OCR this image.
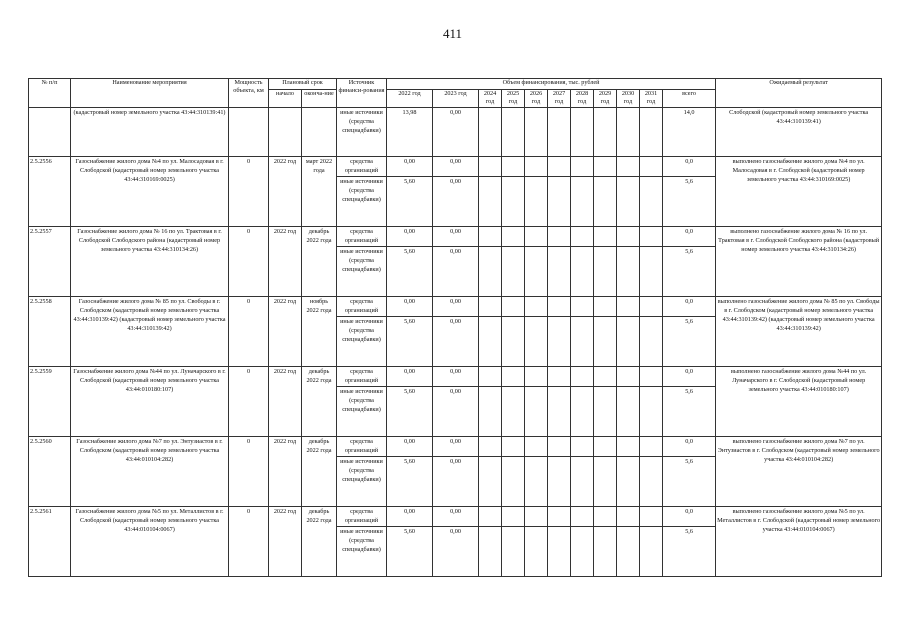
411
№ п/п	Наименование мероприятия	Мощность объекта, км	Плановый срок		Источник финанси-рования	Объем финансирования, тыс. рублей											Ожидаемый результат
			начало	оконча-ние		2022 год	2023 год	2024 год	2025 год	2026 год	2027 год	2028 год	2029 год	2030 год	2031 год	всего	
	(кадастровый номер земельного участка 43:44:310139:41)				иные источники (средства спецнадбавки)	13,98	0,00									14,0	Слободской (кадастровый номер земельного участка 43:44:310139:41)
2.5.2556	Газоснабжение жилого дома №4 по ул. Малосадовая в г. Слободской (кадастровый номер земельного участка 43:44:310169:0025)	0	2022 год	март 2022 года	средства организаций	0,00	0,00									0,0	выполнено газоснабжение жилого дома №4 по ул. Малосадовая в г. Слободской (кадастровый номер земельного участка 43:44:310169:0025)
					иные источники (средства спецнадбавки)	5,60	0,00									5,6	
2.5.2557	Газоснабжение жилого дома № 16 по ул. Трактовая в г. Слободской Слободского района (кадастровый номер земельного участка 43:44:310134:26)	0	2022 год	декабрь 2022 года	средства организаций	0,00	0,00									0,0	выполнено газоснабжение жилого дома № 16 по ул. Трактовая в г. Слободской Слободского района (кадастровый номер земельного участка 43:44:310134:26)
					иные источники (средства спецнадбавки)	5,60	0,00									5,6	
2.5.2558	Газоснабжение жилого дома № 85 по ул. Свободы в г. Слободском (кадастровый номер земельного участка 43:44:310139:42) (кадастровый номер земельного участка 43:44:310139:42)	0	2022 год	ноябрь 2022 года	средства организаций	0,00	0,00									0,0	выполнено газоснабжение жилого дома № 85 по ул. Свободы в г. Слободском (кадастровый номер земельного участка 43:44:310139:42) (кадастровый номер земельного участка 43:44:310139:42)
					иные источники (средства спецнадбавки)	5,60	0,00									5,6	
2.5.2559	Газоснабжение жилого дома №44 по ул. Луначарского в г. Слободской (кадастровый номер земельного участка 43:44:010180:107)	0	2022 год	декабрь 2022 года	средства организаций	0,00	0,00									0,0	выполнено газоснабжение жилого дома №44 по ул. Луначарского в г. Слободской (кадастровый номер земельного участка 43:44:010180:107)
					иные источники (средства спецнадбавки)	5,60	0,00									5,6	
2.5.2560	Газоснабжение жилого дома №7 по ул. Энтузиастов в г. Слободском (кадастровый номер земельного участка 43:44:010104:282)	0	2022 год	декабрь 2022 года	средства организаций	0,00	0,00									0,0	выполнено газоснабжение жилого дома №7 по ул. Энтузиастов в г. Слободском (кадастровый номер земельного участка 43:44:010104:282)
					иные источники (средства спецнадбавки)	5,60	0,00									5,6	
2.5.2561	Газоснабжение жилого дома №5 по ул. Металлистов в г. Слободской (кадастровый номер земельного участка 43:44:010104:0067)	0	2022 год	декабрь 2022 года	средства организаций	0,00	0,00									0,0	выполнено газоснабжение жилого дома №5 по ул. Металлистов в г. Слободской (кадастровый номер земельного участка 43:44:010104:0067)
					иные источники (средства спецнадбавки)	5,60	0,00									5,6	
